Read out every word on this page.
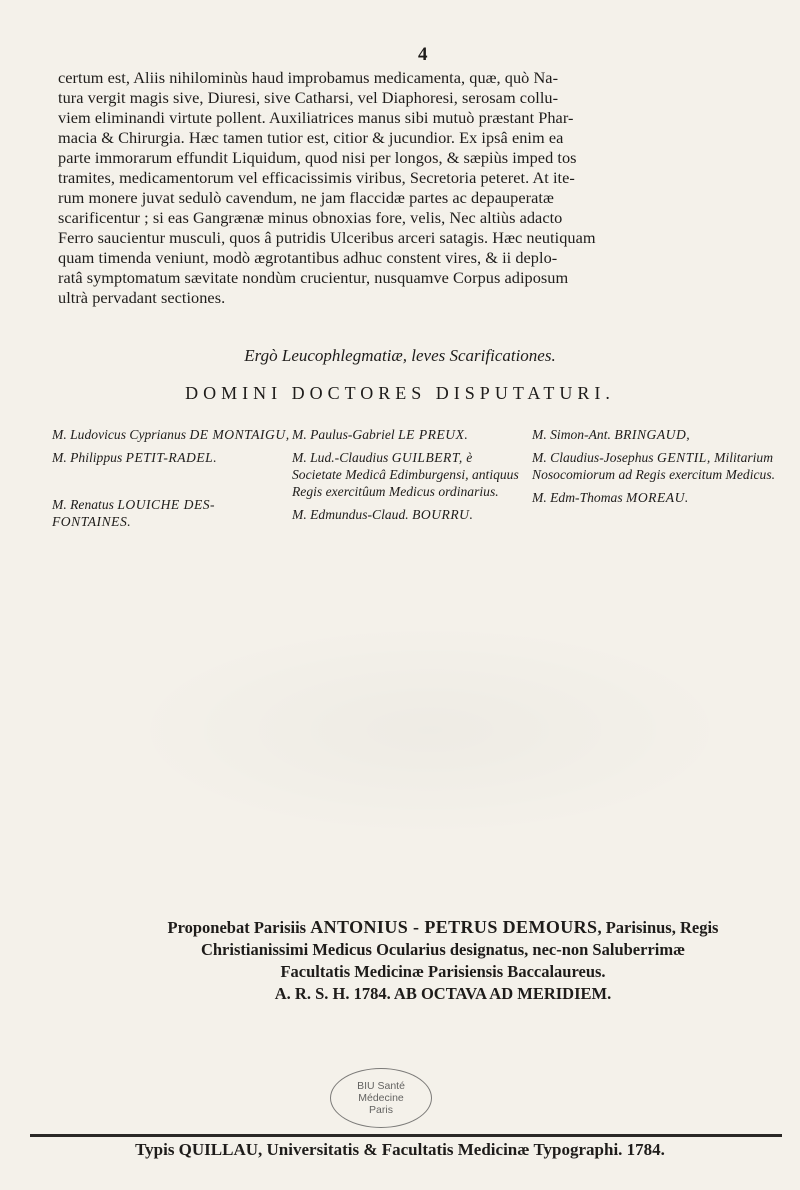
4
certum est, Aliis nihilominùs haud improbamus medicamenta, quæ, quò Na-
tura vergit magis sive, Diuresi, sive Catharsi, vel Diaphoresi, serosam collu-
viem eliminandi virtute pollent. Auxiliatrices manus sibi mutuò præstant Phar-
macia & Chirurgia. Hæc tamen tutior est, citior & jucundior. Ex ipsâ enim ea
parte immorarum effundit Liquidum, quod nisi per longos, & sæpiùs imped tos
tramites, medicamentorum vel efficacissimis viribus, Secretoria peteret. At ite-
rum monere juvat sedulò cavendum, ne jam flaccidæ partes ac depauperatæ
scarificentur ; si eas Gangrænæ minus obnoxias fore, velis, Nec altiùs adacto
Ferro saucientur musculi, quos â putridis Ulceribus arceri satagis. Hæc neutiquam
quam timenda veniunt, modò ægrotantibus adhuc constent vires, & ii deplo-
ratâ symptomatum sævitate nondùm crucientur, nusquamve Corpus adiposum
ultrà pervadant sectiones.
Ergò Leucophlegmatiæ, leves Scarificationes.
DOMINI DOCTORES DISPUTATURI.
M. Ludovicus Cyprianus DE MONTAIGU,
M. Philippus PETIT-RADEL.
M. Renatus LOUICHE DES-FONTAINES.
M. Paulus-Gabriel LE PREUX.
M. Lud.-Claudius GUILBERT, è Societate Medicâ Edimburgensi, antiquus Regis exercitûum Medicus ordinarius.
M. Edmundus-Claud. BOURRU.
M. Simon-Ant. BRINGAUD,
M. Claudius-Josephus GENTIL, Militarium Nosocomiorum ad Regis exercitum Medicus.
M. Edm-Thomas MOREAU.
Proponebat Parisiis ANTONIUS - PETRUS DEMOURS, Parisinus, Regis
Christianissimi Medicus Ocularius designatus, nec-non Saluberrimæ
Facultatis Medicinæ Parisiensis Baccalaureus.
A. R. S. H. 1784. AB OCTAVA AD MERIDIEM.
BIU Santé
Médecine
Paris
Typis QUILLAU, Universitatis & Facultatis Medicinæ Typographi. 1784.
